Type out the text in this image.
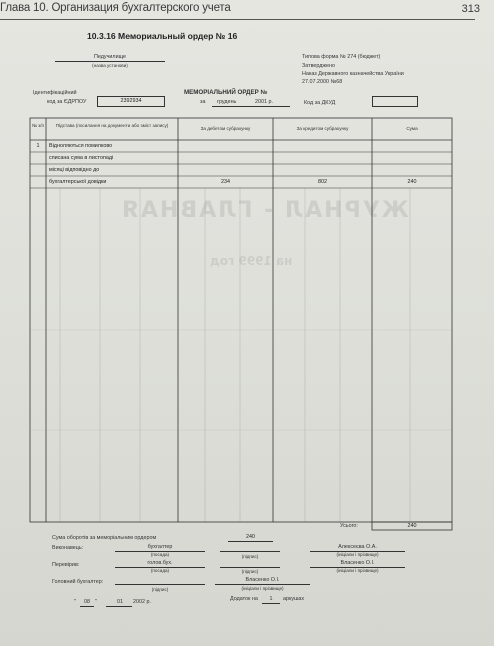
Глава 10. Организация бухгалтерского учета	313
10.3.16 Мемориальный ордер № 16
Педучилище
(назва установи)
Типова форма № 274 (бюджет)
Затверджено
Наказ Державного казначейства України
27.07.2000 №68
Ідентифікаційний
код за ЄДРПОУ	2392934
МЕМОРІАЛЬНИЙ ОРДЕР №
за грудень	2001 р.	Код за ДКУД
ЖУРНАЛ - ГЛАВНАЯ
на 1999 год
№ з/п	Підстава (посилання на документи або зміст запису)
За дебетом субрахунку	За кредитом субрахунку	Сума
1	Відноляються помилково
списана сума в листопаді
місяці відповідно до
бухгалтерської довідки	234	802	240
Усього:	240
Сума оборотів за меморіальним ордером	240
Виконавець:	бухгалтер
(посада)	(підпис)
Алексеєва О.А.
(ініціали і прізвище)
Перевірив:	голов.бух.
(посада)	(підпис)
Власенко О.І.
(ініціали і прізвище)
Головний бухгалтер:
(підпис)
Власенко О.І.
(ініціали і прізвище)
"	08 "	01	2002 р.	Додаток на	1	аркушах
